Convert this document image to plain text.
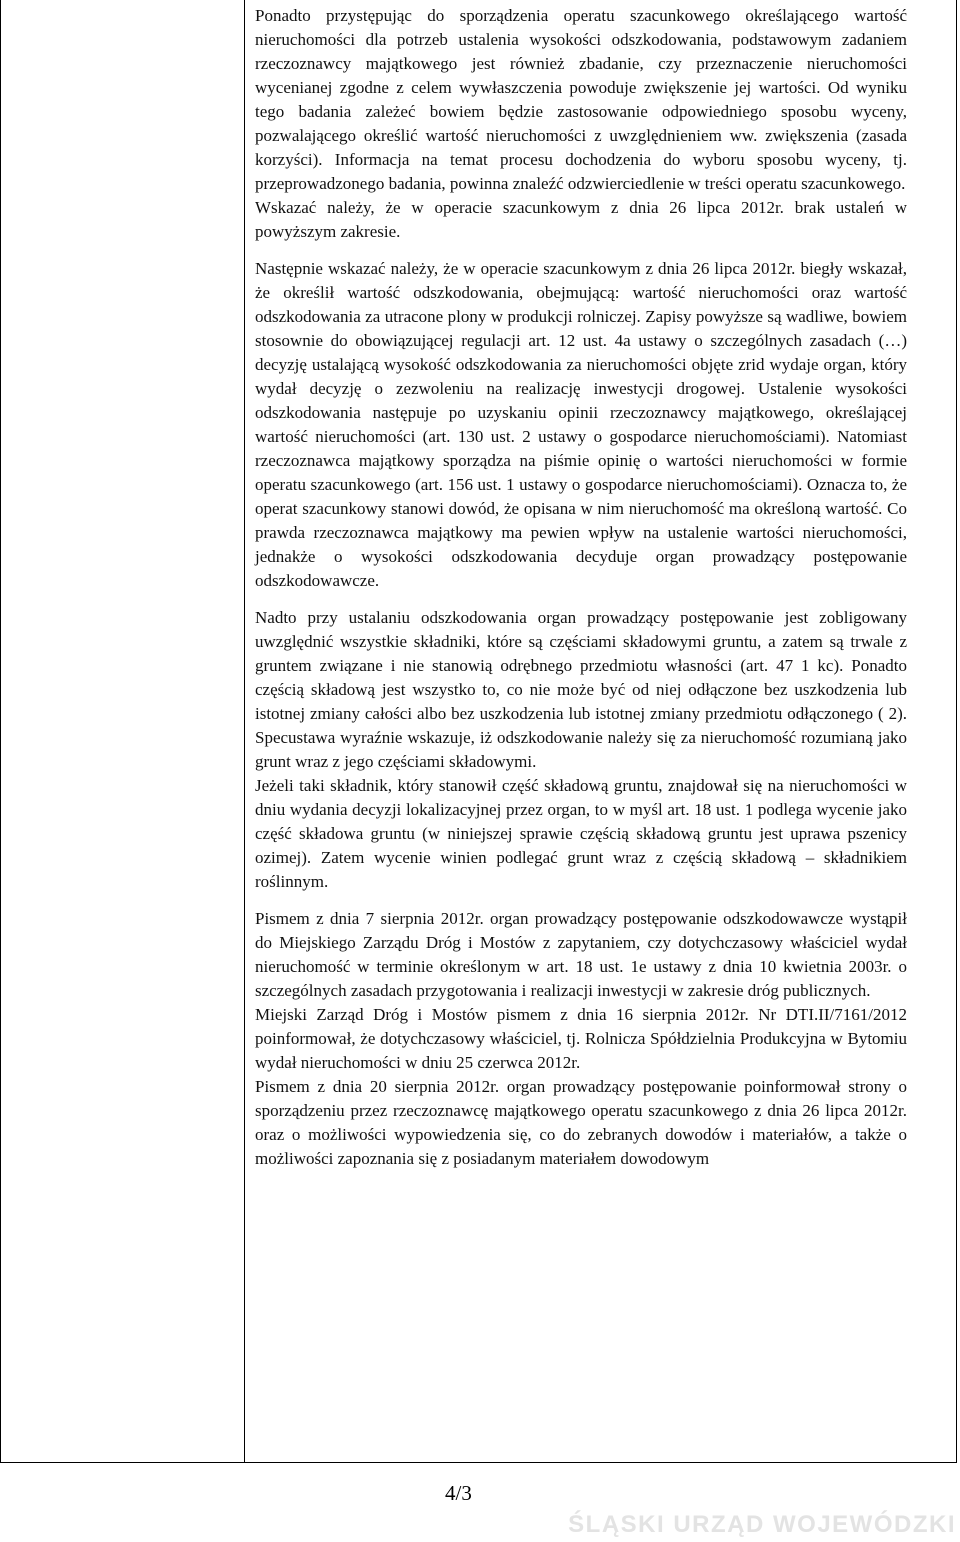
Ponadto przystępując do sporządzenia operatu szacunkowego określającego wartość nieruchomości dla potrzeb ustalenia wysokości odszkodowania, podstawowym zadaniem rzeczoznawcy majątkowego jest również zbadanie, czy przeznaczenie nieruchomości wycenianej zgodne z celem wywłaszczenia powoduje zwiększenie jej wartości. Od wyniku tego badania zależeć bowiem będzie zastosowanie odpowiedniego sposobu wyceny, pozwalającego określić wartość nieruchomości z uwzględnieniem ww. zwiększenia (zasada korzyści). Informacja na temat procesu dochodzenia do wyboru sposobu wyceny, tj. przeprowadzonego badania, powinna znaleźć odzwierciedlenie w treści operatu szacunkowego.

Wskazać należy, że w operacie szacunkowym z dnia 26 lipca 2012r. brak ustaleń w powyższym zakresie.

Następnie wskazać należy, że w operacie szacunkowym z dnia 26 lipca 2012r. biegły wskazał, że określił wartość odszkodowania, obejmującą: wartość nieruchomości oraz wartość odszkodowania za utracone plony w produkcji rolniczej. Zapisy powyższe są wadliwe, bowiem stosownie do obowiązującej regulacji art. 12 ust. 4a ustawy o szczególnych zasadach (…) decyzję ustalającą wysokość odszkodowania za nieruchomości objęte zrid wydaje organ, który wydał decyzję o zezwoleniu na realizację inwestycji drogowej. Ustalenie wysokości odszkodowania następuje po uzyskaniu opinii rzeczoznawcy majątkowego, określającej wartość nieruchomości (art. 130 ust. 2 ustawy o gospodarce nieruchomościami). Natomiast rzeczoznawca majątkowy sporządza na piśmie opinię o wartości nieruchomości w formie operatu szacunkowego (art. 156 ust. 1 ustawy o gospodarce nieruchomościami). Oznacza to, że operat szacunkowy stanowi dowód, że opisana w nim nieruchomość ma określoną wartość. Co prawda rzeczoznawca majątkowy ma pewien wpływ na ustalenie wartości nieruchomości, jednakże o wysokości odszkodowania decyduje organ prowadzący postępowanie odszkodowawcze.

Nadto przy ustalaniu odszkodowania organ prowadzący postępowanie jest zobligowany uwzględnić wszystkie składniki, które są częściami składowymi gruntu, a zatem są trwale z gruntem związane i nie stanowią odrębnego przedmiotu własności (art. 47 1 kc). Ponadto częścią składową jest wszystko to, co nie może być od niej odłączone bez uszkodzenia lub istotnej zmiany całości albo bez uszkodzenia lub istotnej zmiany przedmiotu odłączonego ( 2). Specustawa wyraźnie wskazuje, iż odszkodowanie należy się za nieruchomość rozumianą jako grunt wraz z jego częściami składowymi.

Jeżeli taki składnik, który stanowił część składową gruntu, znajdował się na nieruchomości w dniu wydania decyzji lokalizacyjnej przez organ, to w myśl art. 18 ust. 1 podlega wycenie jako część składowa gruntu (w niniejszej sprawie częścią składową gruntu jest uprawa pszenicy ozimej). Zatem wycenie winien podlegać grunt wraz z częścią składową – składnikiem roślinnym.

Pismem z dnia 7 sierpnia 2012r. organ prowadzący postępowanie odszkodowawcze wystąpił do Miejskiego Zarządu Dróg i Mostów z zapytaniem, czy dotychczasowy właściciel wydał nieruchomość w terminie określonym w art. 18 ust. 1e ustawy z dnia 10 kwietnia 2003r. o szczególnych zasadach przygotowania i realizacji inwestycji w zakresie dróg publicznych.

Miejski Zarząd Dróg i Mostów pismem z dnia 16 sierpnia 2012r. Nr DTI.II/7161/2012 poinformował, że dotychczasowy właściciel, tj. Rolnicza Spółdzielnia Produkcyjna w Bytomiu wydał nieruchomości w dniu 25 czerwca 2012r.

Pismem z dnia 20 sierpnia 2012r. organ prowadzący postępowanie poinformował strony o sporządzeniu przez rzeczoznawcę majątkowego operatu szacunkowego z dnia 26 lipca 2012r. oraz o możliwości wypowiedzenia się, co do zebranych dowodów i materiałów, a także o możliwości zapoznania się z posiadanym materiałem dowodowym

4/3
ŚLĄSKI URZĄD WOJEWÓDZKI
